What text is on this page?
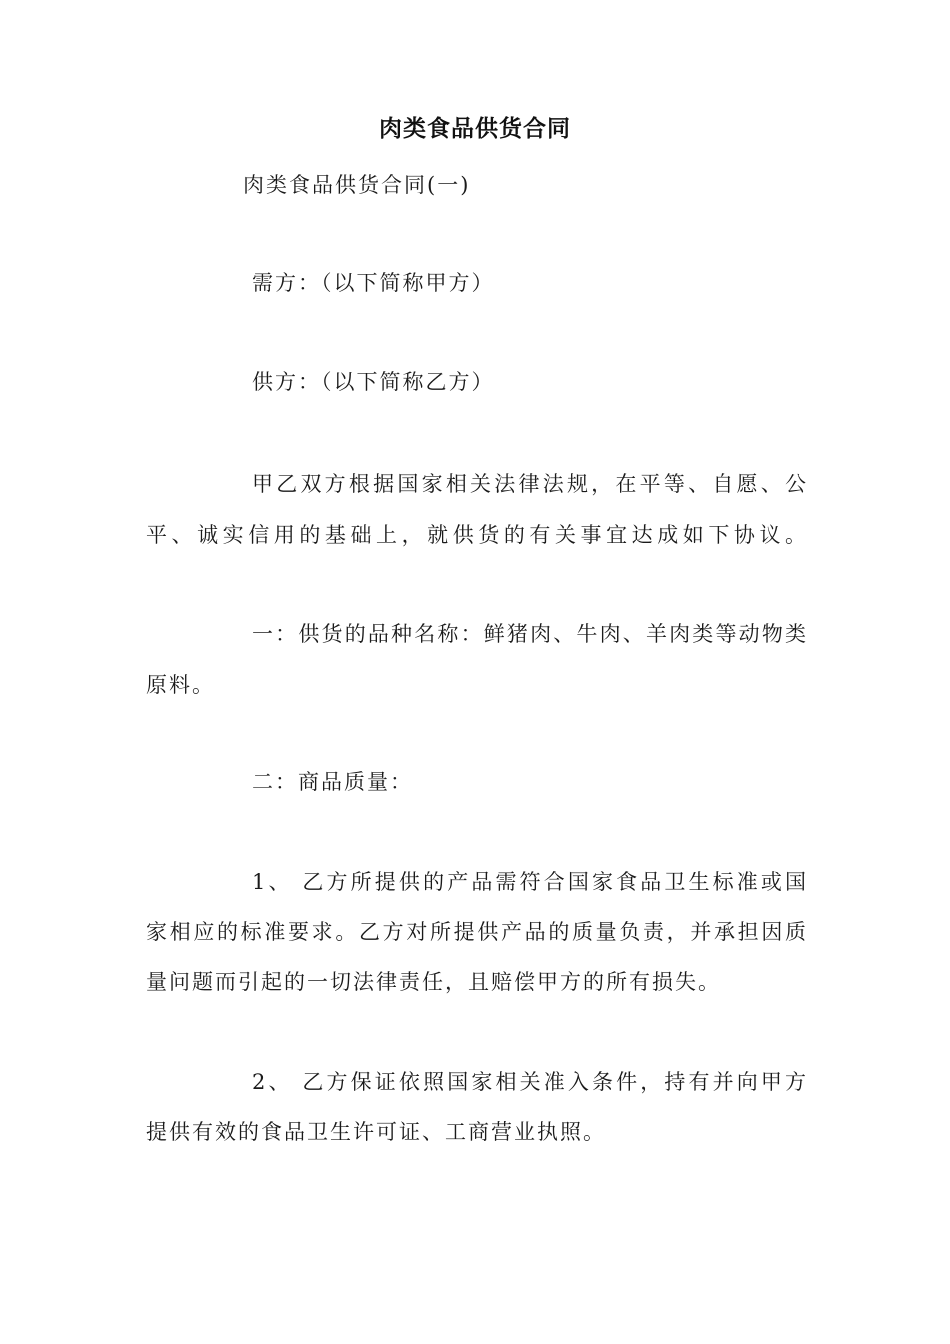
肉类食品供货合同
肉类食品供货合同(一)
需方：（以下简称甲方）
供方：（以下简称乙方）
甲乙双方根据国家相关法律法规，在平等、自愿、公
平、诚实信用的基础上，就供货的有关事宜达成如下协议。
一：供货的品种名称：鲜猪肉、牛肉、羊肉类等动物类
原料。
二：商品质量：
1、 乙方所提供的产品需符合国家食品卫生标准或国
家相应的标准要求。乙方对所提供产品的质量负责，并承担因质
量问题而引起的一切法律责任，且赔偿甲方的所有损失。
2、 乙方保证依照国家相关准入条件，持有并向甲方
提供有效的食品卫生许可证、工商营业执照。
